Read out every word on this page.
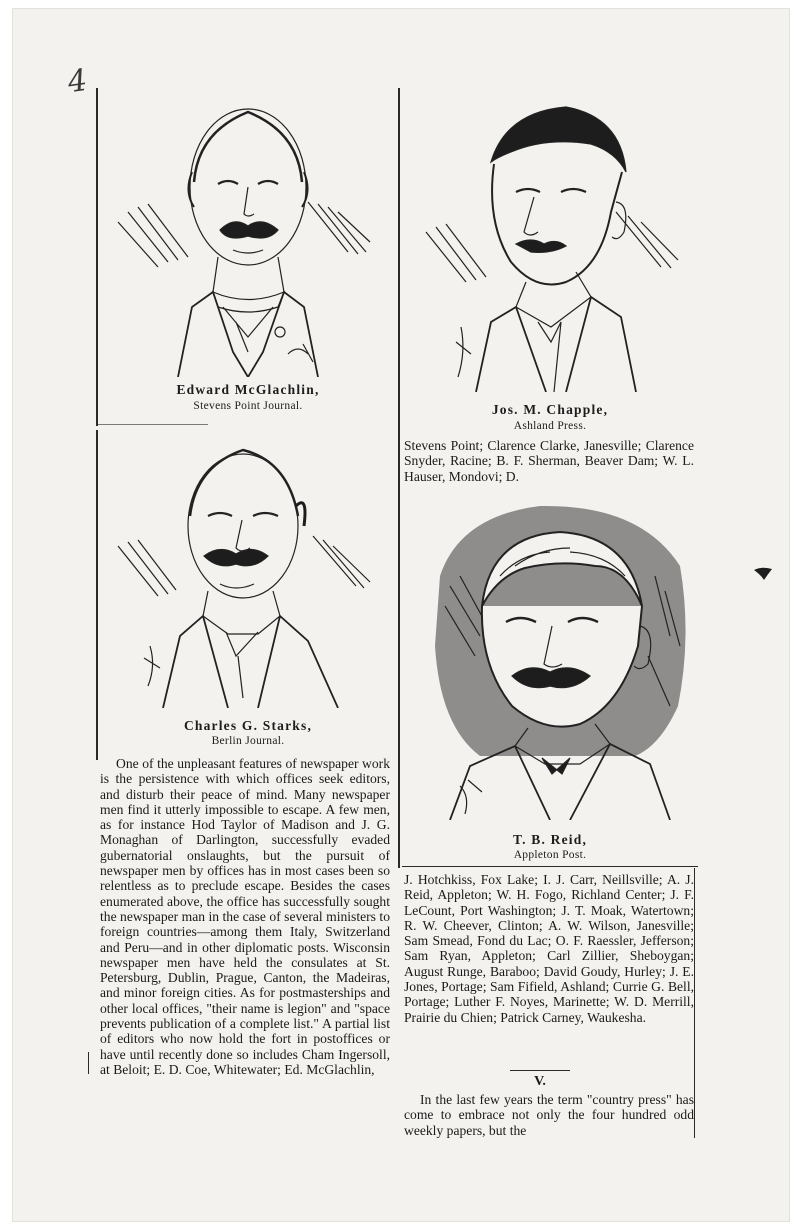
4
Edward McGlachlin,
Stevens Point Journal.	Jos. M. Chapple,
Ashland Press.
Charles G. Starks,
Berlin Journal.
T. B. Reid,
Appleton Post.

One of the unpleasant features of newspaper work is the persistence with which offices seek editors, and disturb their peace of mind. Many newspaper men find it utterly impossible to escape. A few men, as for instance Hod Taylor of Madison and J. G. Monaghan of Darlington, successfully evaded gubernatorial onslaughts, but the pursuit of newspaper men by offices has in most cases been so relentless as to preclude escape. Besides the cases enumerated above, the office has successfully sought the newspaper man in the case of several ministers to foreign countries—among them Italy, Switzerland and Peru—and in other diplomatic posts. Wisconsin newspaper men have held the consulates at St. Petersburg, Dublin, Prague, Canton, the Madeiras, and minor foreign cities. As for postmasterships and other local offices, "their name is legion" and "space prevents publication of a complete list." A partial list of editors who now hold the fort in postoffices or have until recently done so includes Cham Ingersoll, at Beloit; E. D. Coe, Whitewater; Ed. McGlachlin,

Stevens Point; Clarence Clarke, Janesville; Clarence Snyder, Racine; B. F. Sherman, Beaver Dam; W. L. Hauser, Mondovi; D.

J. Hotchkiss, Fox Lake; I. J. Carr, Neillsville; A. J. Reid, Appleton; W. H. Fogo, Richland Center; J. F. LeCount, Port Washington; J. T. Moak, Watertown; R. W. Cheever, Clinton; A. W. Wilson, Janesville; Sam Smead, Fond du Lac; O. F. Raessler, Jefferson; Sam Ryan, Appleton; Carl Zillier, Sheboygan; August Runge, Baraboo; David Goudy, Hurley; J. E. Jones, Portage; Sam Fifield, Ashland; Currie G. Bell, Portage; Luther F. Noyes, Marinette; W. D. Merrill, Prairie du Chien; Patrick Carney, Waukesha.

V.

In the last few years the term "country press" has come to embrace not only the four hundred odd weekly papers, but the
